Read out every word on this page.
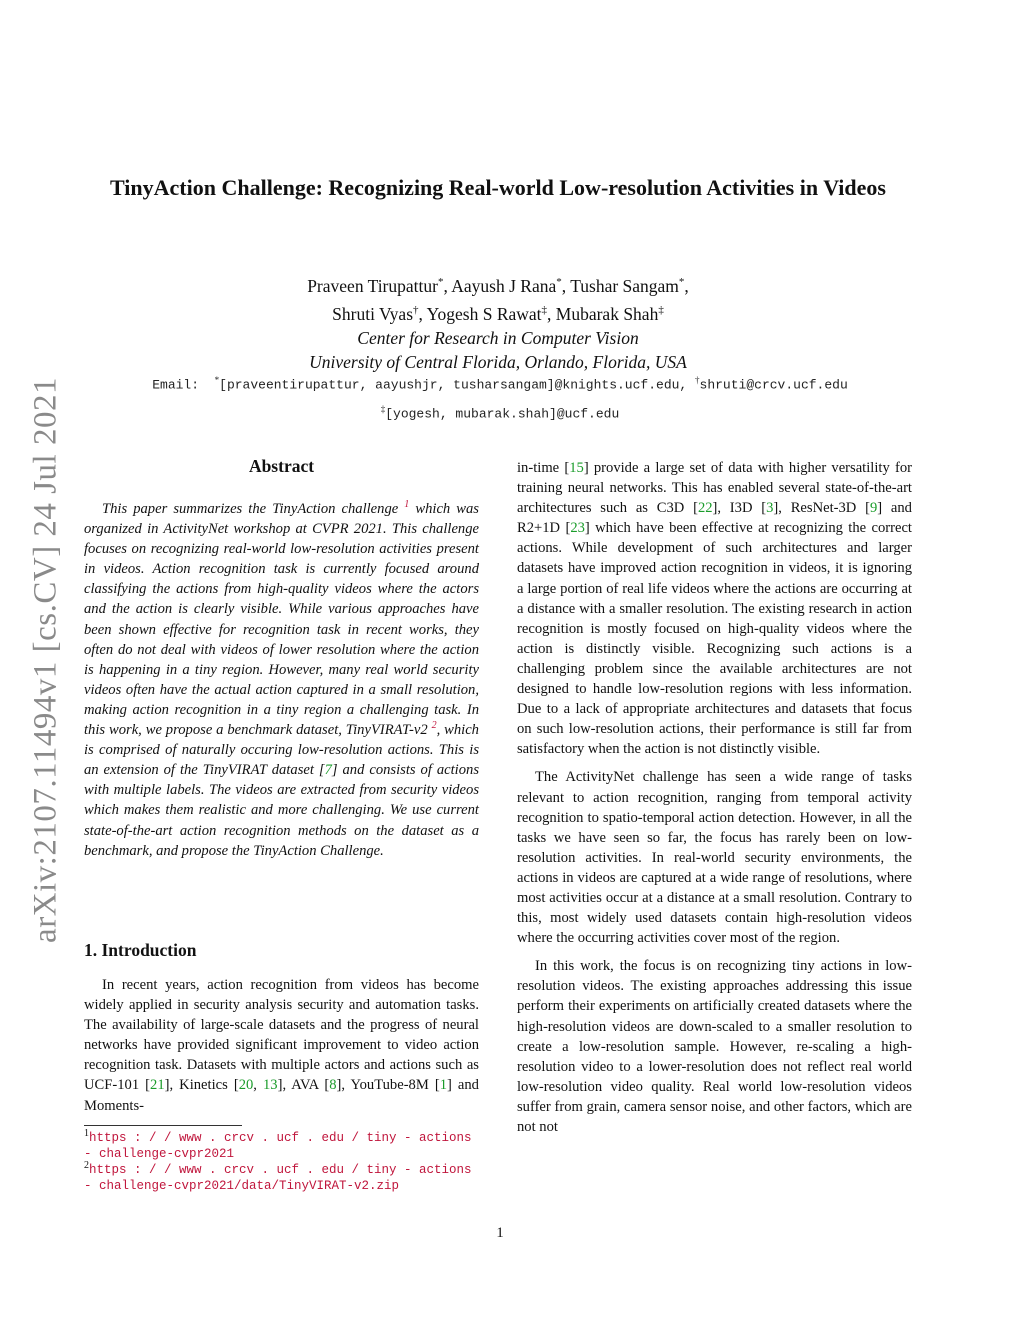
arXiv:2107.11494v1 [cs.CV] 24 Jul 2021
TinyAction Challenge: Recognizing Real-world Low-resolution Activities in Videos
Praveen Tirupattur*, Aayush J Rana*, Tushar Sangam*,
Shruti Vyas†, Yogesh S Rawat‡, Mubarak Shah‡
Center for Research in Computer Vision
University of Central Florida, Orlando, Florida, USA
Email: *[praveentirupattur, aayushjr, tusharsangam]@knights.ucf.edu, †shruti@crcv.ucf.edu
‡[yogesh, mubarak.shah]@ucf.edu
Abstract

This paper summarizes the TinyAction challenge $^1$ which was organized in ActivityNet workshop at CVPR 2021. This challenge focuses on recognizing real-world low-resolution activities present in videos. Action recognition task is currently focused around classifying the actions from high-quality videos where the actors and the action is clearly visible. While various approaches have been shown effective for recognition task in recent works, they often do not deal with videos of lower resolution where the action is happening in a tiny region. However, many real world security videos often have the actual action captured in a small resolution, making action recognition in a tiny region a challenging task. In this work, we propose a benchmark dataset, TinyVIRAT-v2 $^2$, which is comprised of naturally occuring low-resolution actions. This is an extension of the TinyVIRAT dataset [7] and consists of actions with multiple labels. The videos are extracted from security videos which makes them realistic and more challenging. We use current state-of-the-art action recognition methods on the dataset as a benchmark, and propose the TinyAction Challenge.

1. Introduction

In recent years, action recognition from videos has become widely applied in security analysis security and automation tasks. The availability of large-scale datasets and the progress of neural networks have provided significant improvement to video action recognition task. Datasets with multiple actors and actions such as UCF-101 [21], Kinetics [20, 13], AVA [8], YouTube-8M [1] and Moments-

in-time [15] provide a large set of data with higher versatility for training neural networks. This has enabled several state-of-the-art architectures such as C3D [22], I3D [3], ResNet-3D [9] and R2+1D [23] which have been effective at recognizing the correct actions. While development of such architectures and larger datasets have improved action recognition in videos, it is ignoring a large portion of real life videos where the actions are occurring at a distance with a smaller resolution. The existing research in action recognition is mostly focused on high-quality videos where the action is distinctly visible. Recognizing such actions is a challenging problem since the available architectures are not designed to handle low-resolution regions with less information. Due to a lack of appropriate architectures and datasets that focus on such low-resolution actions, their performance is still far from satisfactory when the action is not distinctly visible.

The ActivityNet challenge has seen a wide range of tasks relevant to action recognition, ranging from temporal activity recognition to spatio-temporal action detection. However, in all the tasks we have seen so far, the focus has rarely been on low-resolution activities. In real-world security environments, the actions in videos are captured at a wide range of resolutions, where most activities occur at a distance at a small resolution. Contrary to this, most widely used datasets contain high-resolution videos where the occurring activities cover most of the region.

In this work, the focus is on recognizing tiny actions in low-resolution videos. The existing approaches addressing this issue perform their experiments on artificially created datasets where the high-resolution videos are down-scaled to a smaller resolution to create a low-resolution sample. However, re-scaling a high-resolution video to a lower-resolution does not reflect real world low-resolution video quality. Real world low-resolution videos suffer from grain, camera sensor noise, and other factors, which are not not

$^1$https : / / www . crcv . ucf . edu / tiny - actions - challenge-cvpr2021
$^2$https : / / www . crcv . ucf . edu / tiny - actions - challenge-cvpr2021/data/TinyVIRAT-v2.zip
1
